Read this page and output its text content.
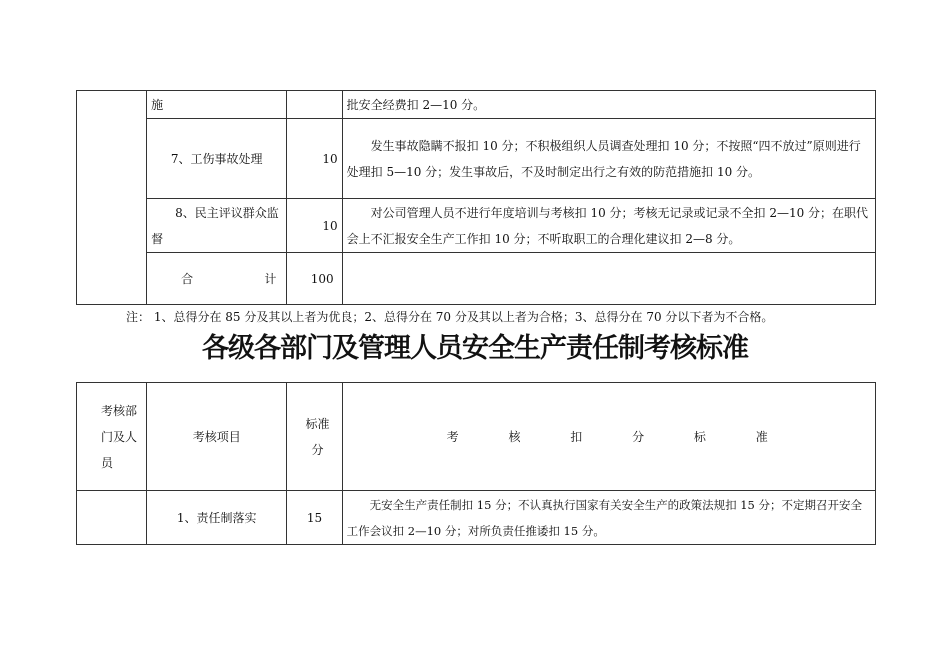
	施		批安全经费扣 2—10 分。
	7、工伤事故处理	10	发生事故隐瞒不报扣 10 分；不积极组织人员调查处理扣 10 分；不按照“四不放过”原则进行处理扣 5—10 分；发生事故后，不及时制定出行之有效的防范措施扣 10 分。
	8、民主评议群众监督	10	对公司管理人员不进行年度培训与考核扣 10 分；考核无记录或记录不全扣 2—10 分；在职代会上不汇报安全生产工作扣 10 分；不听取职工的合理化建议扣 2—8 分。

	合 计	100	
注： 1、总得分在 85 分及其以上者为优良；2、总得分在 70 分及其以上者为合格；3、总得分在 70 分以下者为不合格。
各级各部门及管理人员安全生产责任制考核标准
考核部门及人员	考核项目	标准分	考 核 扣 分 标 准

	1、责任制落实	15	无安全生产责任制扣 15 分；不认真执行国家有关安全生产的政策法规扣 15 分；不定期召开安全工作会议扣 2—10 分；对所负责任推诿扣 15 分。
